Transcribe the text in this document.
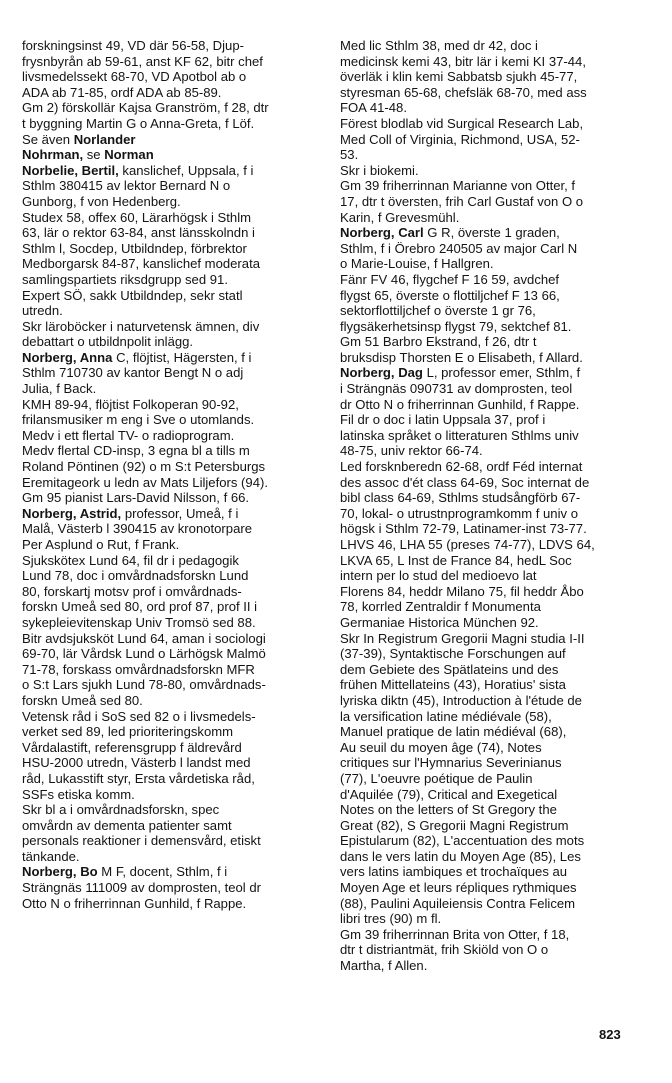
forskningsinst 49, VD där 56-58, Djup-
frysnbyrån ab 59-61, anst KF 62, bitr chef
livsmedelssekt 68-70, VD Apotbol ab o
ADA ab 71-85, ordf ADA ab 85-89.
Gm 2) förskollär Kajsa Granström, f 28, dtr
t byggning Martin G o Anna-Greta, f Löf.

Se även Norlander

Nohrman, se Norman

Norbelie, Bertil, kanslichef, Uppsala, f i
Sthlm 380415 av lektor Bernard N o
Gunborg, f von Hedenberg.
Studex 58, offex 60, Lärarhögsk i Sthlm
63, lär o rektor 63-84, anst länsskolndn i
Sthlm l, Socdep, Utbildndep, förbrektor
Medborgarsk 84-87, kanslichef moderata
samlingspartiets riksdgrupp sed 91.
Expert SÖ, sakk Utbildndep, sekr statl
utredn.
Skr läroböcker i naturvetensk ämnen, div
debattart o utbildnpolit inlägg.

Norberg, Anna C, flöjtist, Hägersten, f i
Sthlm 710730 av kantor Bengt N o adj
Julia, f Back.
KMH 89-94, flöjtist Folkoperan 90-92,
frilansmusiker m eng i Sve o utomlands.
Medv i ett flertal TV- o radioprogram.
Medv flertal CD-insp, 3 egna bl a tills m
Roland Pöntinen (92) o m S:t Petersburgs
Eremitageork u ledn av Mats Liljefors (94).
Gm 95 pianist Lars-David Nilsson, f 66.

Norberg, Astrid, professor, Umeå, f i
Malå, Västerb l 390415 av kronotorpare
Per Asplund o Rut, f Frank.
Sjukskötex Lund 64, fil dr i pedagogik
Lund 78, doc i omvårdnadsforskn Lund
80, forskartj motsv prof i omvårdnads-
forskn Umeå sed 80, ord prof 87, prof II i
sykepleievitenskap Univ Tromsö sed 88.
Bitr avdsjuksköt Lund 64, aman i sociologi
69-70, lär Vårdsk Lund o Lärhögsk Malmö
71-78, forskass omvårdnadsforskn MFR
o S:t Lars sjukh Lund 78-80, omvårdnads-
forskn Umeå sed 80.
Vetensk råd i SoS sed 82 o i livsmedels-
verket sed 89, led prioriteringskomm
Vårdalastift, referensgrupp f äldrevård
HSU-2000 utredn, Västerb l landst med
råd, Lukasstift styr, Ersta vårdetiska råd,
SSFs etiska komm.
Skr bl a i omvårdnadsforskn, spec
omvårdn av dementa patienter samt
personals reaktioner i demensvård, etiskt
tänkande.

Norberg, Bo M F, docent, Sthlm, f i
Strängnäs 111009 av domprosten, teol dr
Otto N o friherrinnan Gunhild, f Rappe.

Med lic Sthlm 38, med dr 42, doc i
medicinsk kemi 43, bitr lär i kemi KI 37-44,
överläk i klin kemi Sabbatsb sjukh 45-77,
styresman 65-68, chefsläk 68-70, med ass
FOA 41-48.
Förest blodlab vid Surgical Research Lab,
Med Coll of Virginia, Richmond, USA, 52-
53.
Skr i biokemi.
Gm 39 friherrinnan Marianne von Otter, f
17, dtr t översten, frih Carl Gustaf von O o
Karin, f Grevesmühl.

Norberg, Carl G R, överste 1 graden,
Sthlm, f i Örebro 240505 av major Carl N
o Marie-Louise, f Hallgren.
Fänr FV 46, flygchef F 16 59, avdchef
flygst 65, överste o flottiljchef F 13 66,
sektorflottiljchef o överste 1 gr 76,
flygsäkerhetsinsp flygst 79, sektchef 81.
Gm 51 Barbro Ekstrand, f 26, dtr t
bruksdisp Thorsten E o Elisabeth, f Allard.

Norberg, Dag L, professor emer, Sthlm, f
i Strängnäs 090731 av domprosten, teol
dr Otto N o friherrinnan Gunhild, f Rappe.
Fil dr o doc i latin Uppsala 37, prof i
latinska språket o litteraturen Sthlms univ
48-75, univ rektor 66-74.
Led forsknberedn 62-68, ordf Féd internat
des assoc d'ét class 64-69, Soc internat de
bibl class 64-69, Sthlms studsångförb 67-
70, lokal- o utrustnprogramkomm f univ o
högsk i Sthlm 72-79, Latinamer-inst 73-77.
LHVS 46, LHA 55 (preses 74-77), LDVS 64,
LKVA 65, L Inst de France 84, hedL Soc
intern per lo stud del medioevo lat
Florens 84, heddr Milano 75, fil heddr Åbo
78, korrled Zentraldir f Monumenta
Germaniae Historica München 92.
Skr In Registrum Gregorii Magni studia I-II
(37-39), Syntaktische Forschungen auf
dem Gebiete des Spätlateins und des
frühen Mittellateins (43), Horatius' sista
lyriska diktn (45), Introduction à l'étude de
la versification latine médiévale (58),
Manuel pratique de latin médiéval (68),
Au seuil du moyen âge (74), Notes
critiques sur l'Hymnarius Severinianus
(77), L'oeuvre poétique de Paulin
d'Aquilée (79), Critical and Exegetical
Notes on the letters of St Gregory the
Great (82), S Gregorii Magni Registrum
Epistularum (82), L'accentuation des mots
dans le vers latin du Moyen Age (85), Les
vers latins iambiques et trochaïques au
Moyen Age et leurs répliques rythmiques
(88), Paulini Aquileiensis Contra Felicem
libri tres (90) m fl.
Gm 39 friherrinnan Brita von Otter, f 18,
dtr t distriantmät, frih Skiöld von O o
Martha, f Allen.

823
